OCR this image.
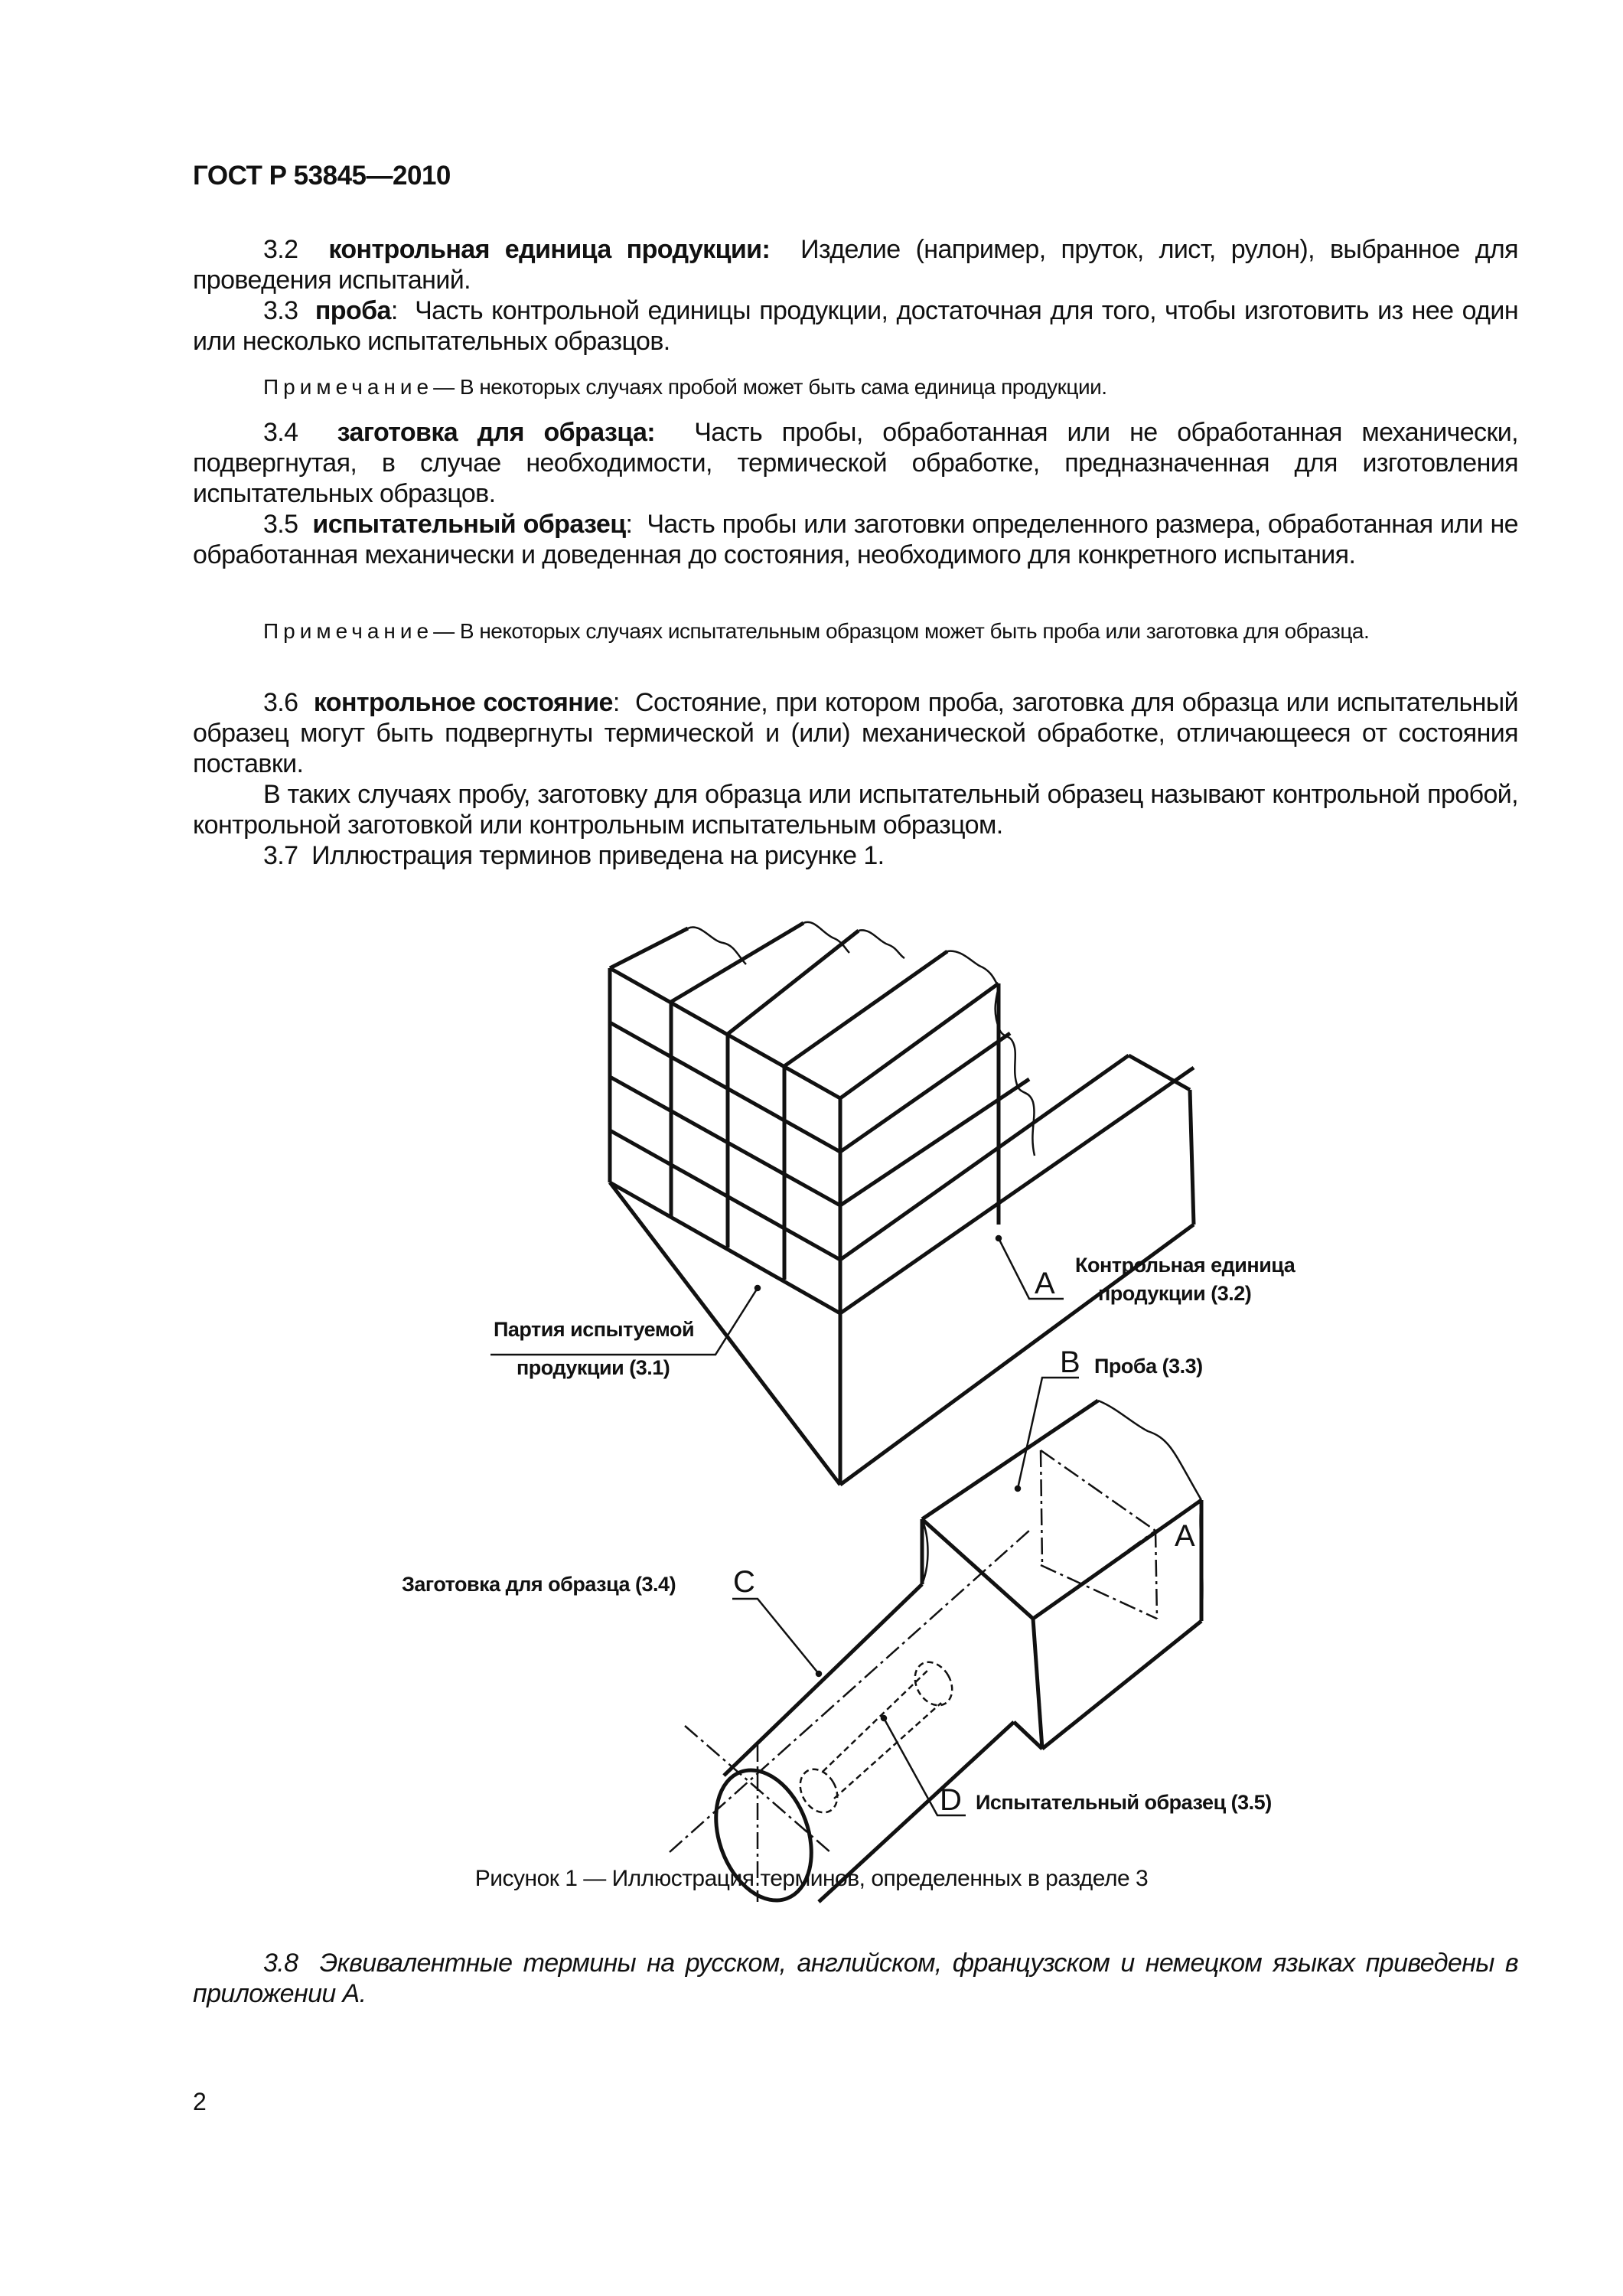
ГОСТ Р 53845—2010
3.2 контрольная единица продукции: Изделие (например, пруток, лист, рулон), выбранное для проведения испытаний.
3.3 проба: Часть контрольной единицы продукции, достаточная для того, чтобы изготовить из нее один или несколько испытательных образцов.
Примечание— В некоторых случаях пробой может быть сама единица продукции.
3.4 заготовка для образца: Часть пробы, обработанная или не обработанная механически, подвергнутая, в случае необходимости, термической обработке, предназначенная для изготовления испытательных образцов.
3.5 испытательный образец: Часть пробы или заготовки определенного размера, обработанная или не обработанная механически и доведенная до состояния, необходимого для конкретного испытания.
Примечание— В некоторых случаях испытательным образцом может быть проба или заготовка для образца.
3.6 контрольное состояние: Состояние, при котором проба, заготовка для образца или испытательный образец могут быть подвергнуты термической и (или) механической обработке, отличающееся от состояния поставки.
В таких случаях пробу, заготовку для образца или испытательный образец называют контрольной пробой, контрольной заготовкой или контрольным испытательным образцом.
3.7 Иллюстрация терминов приведена на рисунке 1.
Партия испытуемой
продукции (3.1)
A
Контрольная единица
продукции (3.2)
B Проба (3.3)
A
Заготовка для образца (3.4) C
D Испытательный образец (3.5)
Рисунок 1 — Иллюстрация терминов, определенных в разделе 3
3.8 Эквивалентные термины на русском, английском, французском и немецком языках приведены в приложении А.
2
